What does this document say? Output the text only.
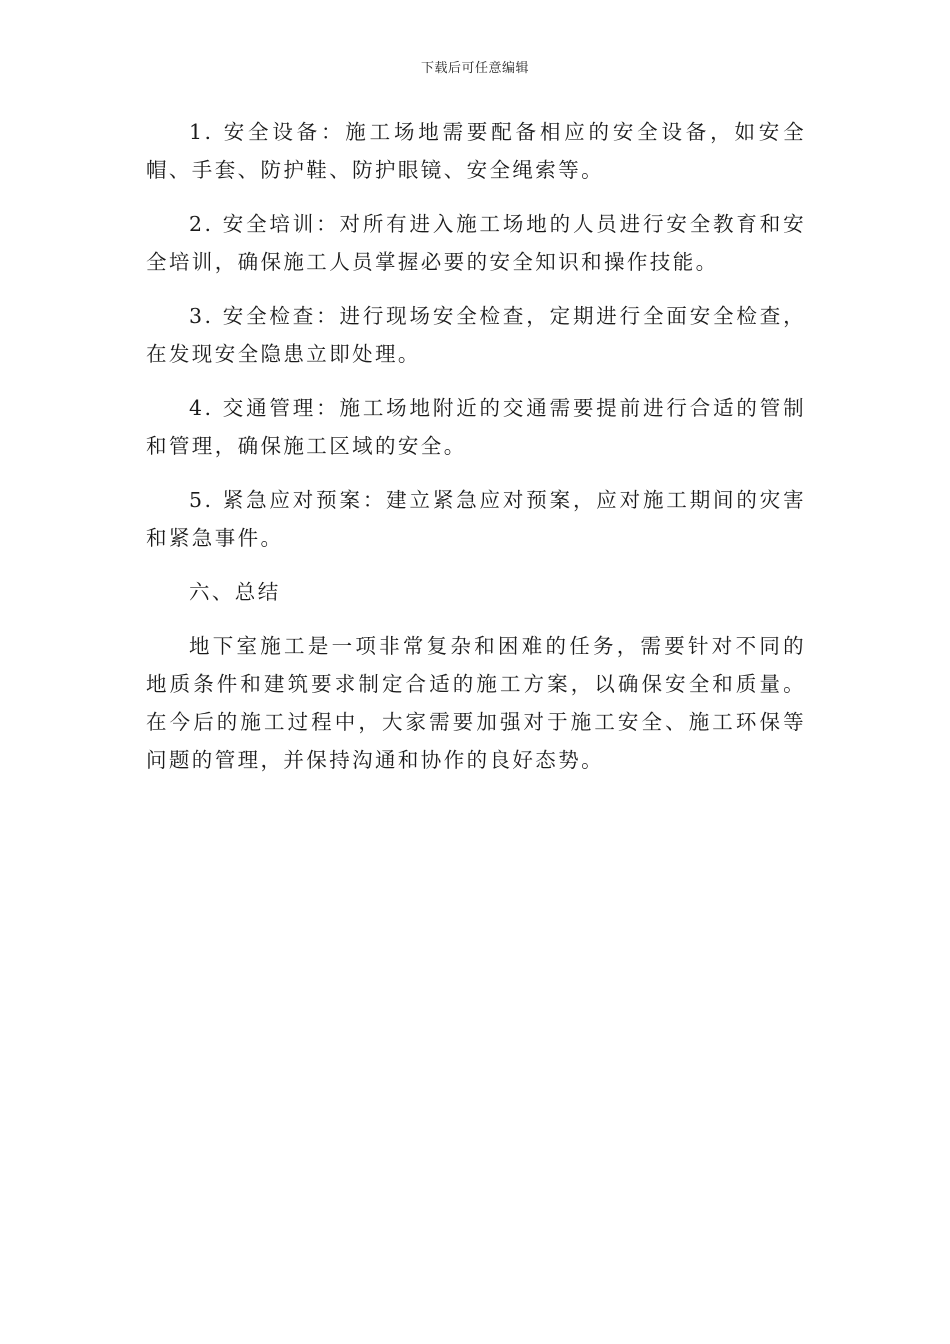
下载后可任意编辑

1. 安全设备：施工场地需要配备相应的安全设备，如安全帽、手套、防护鞋、防护眼镜、安全绳索等。

2. 安全培训：对所有进入施工场地的人员进行安全教育和安全培训，确保施工人员掌握必要的安全知识和操作技能。

3. 安全检查：进行现场安全检查，定期进行全面安全检查，在发现安全隐患立即处理。

4. 交通管理：施工场地附近的交通需要提前进行合适的管制和管理，确保施工区域的安全。

5. 紧急应对预案：建立紧急应对预案，应对施工期间的灾害和紧急事件。

六、总结

地下室施工是一项非常复杂和困难的任务，需要针对不同的地质条件和建筑要求制定合适的施工方案，以确保安全和质量。在今后的施工过程中，大家需要加强对于施工安全、施工环保等问题的管理，并保持沟通和协作的良好态势。
